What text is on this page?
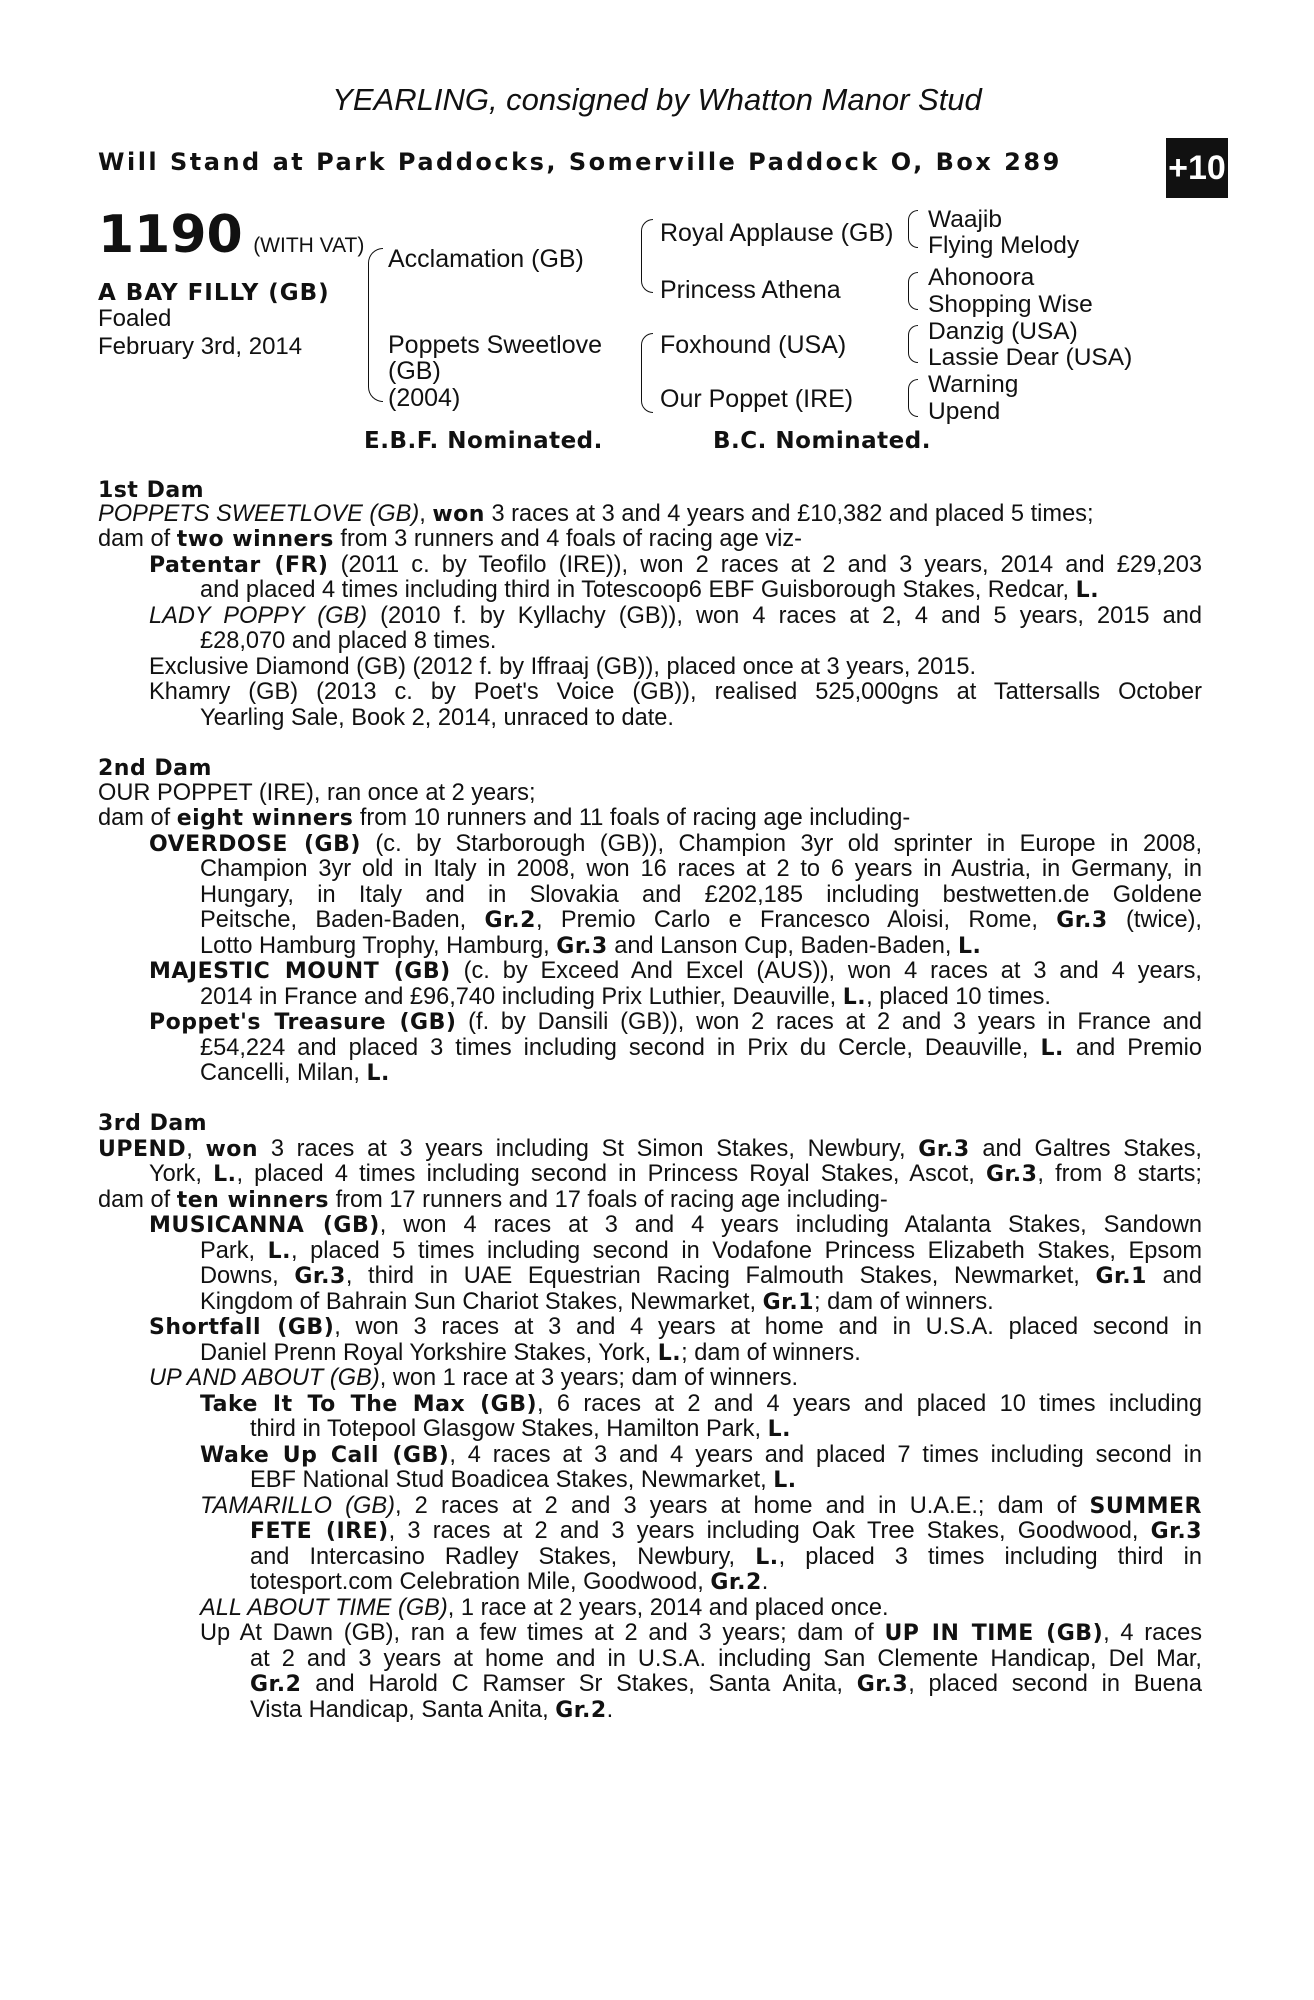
YEARLING, consigned by Whatton Manor Stud
Will Stand at Park Paddocks, Somerville Paddock O, Box 289	+10
1190 (WITH VAT)
A BAY FILLY (GB)
Foaled
February 3rd, 2014
Acclamation (GB)
Poppets Sweetlove
(GB)
(2004)
Royal Applause (GB)
Princess Athena
Foxhound (USA)
Our Poppet (IRE)
Waajib
Flying Melody
Ahonoora
Shopping Wise
Danzig (USA)
Lassie Dear (USA)
Warning
Upend
E.B.F. Nominated.	B.C. Nominated.
1st Dam
POPPETS SWEETLOVE (GB), won 3 races at 3 and 4 years and £10,382 and placed 5 times;
dam of two winners from 3 runners and 4 foals of racing age viz-
Patentar (FR) (2011 c. by Teofilo (IRE)), won 2 races at 2 and 3 years, 2014 and £29,203
and placed 4 times including third in Totescoop6 EBF Guisborough Stakes, Redcar, L.
LADY POPPY (GB) (2010 f. by Kyllachy (GB)), won 4 races at 2, 4 and 5 years, 2015 and
£28,070 and placed 8 times.
Exclusive Diamond (GB) (2012 f. by Iffraaj (GB)), placed once at 3 years, 2015.
Khamry (GB) (2013 c. by Poet's Voice (GB)), realised 525,000gns at Tattersalls October
Yearling Sale, Book 2, 2014, unraced to date.
2nd Dam
OUR POPPET (IRE), ran once at 2 years;
dam of eight winners from 10 runners and 11 foals of racing age including-
OVERDOSE (GB) (c. by Starborough (GB)), Champion 3yr old sprinter in Europe in 2008,
Champion 3yr old in Italy in 2008, won 16 races at 2 to 6 years in Austria, in Germany, in
Hungary, in Italy and in Slovakia and £202,185 including bestwetten.de Goldene
Peitsche, Baden-Baden, Gr.2, Premio Carlo e Francesco Aloisi, Rome, Gr.3 (twice),
Lotto Hamburg Trophy, Hamburg, Gr.3 and Lanson Cup, Baden-Baden, L.
MAJESTIC MOUNT (GB) (c. by Exceed And Excel (AUS)), won 4 races at 3 and 4 years,
2014 in France and £96,740 including Prix Luthier, Deauville, L., placed 10 times.
Poppet's Treasure (GB) (f. by Dansili (GB)), won 2 races at 2 and 3 years in France and
£54,224 and placed 3 times including second in Prix du Cercle, Deauville, L. and Premio
Cancelli, Milan, L.
3rd Dam
UPEND, won 3 races at 3 years including St Simon Stakes, Newbury, Gr.3 and Galtres Stakes,
York, L., placed 4 times including second in Princess Royal Stakes, Ascot, Gr.3, from 8 starts;
dam of ten winners from 17 runners and 17 foals of racing age including-
MUSICANNA (GB), won 4 races at 3 and 4 years including Atalanta Stakes, Sandown
Park, L., placed 5 times including second in Vodafone Princess Elizabeth Stakes, Epsom
Downs, Gr.3, third in UAE Equestrian Racing Falmouth Stakes, Newmarket, Gr.1 and
Kingdom of Bahrain Sun Chariot Stakes, Newmarket, Gr.1; dam of winners.
Shortfall (GB), won 3 races at 3 and 4 years at home and in U.S.A. placed second in
Daniel Prenn Royal Yorkshire Stakes, York, L.; dam of winners.
UP AND ABOUT (GB), won 1 race at 3 years; dam of winners.
Take It To The Max (GB), 6 races at 2 and 4 years and placed 10 times including
third in Totepool Glasgow Stakes, Hamilton Park, L.
Wake Up Call (GB), 4 races at 3 and 4 years and placed 7 times including second in
EBF National Stud Boadicea Stakes, Newmarket, L.
TAMARILLO (GB), 2 races at 2 and 3 years at home and in U.A.E.; dam of SUMMER
FETE (IRE), 3 races at 2 and 3 years including Oak Tree Stakes, Goodwood, Gr.3
and Intercasino Radley Stakes, Newbury, L., placed 3 times including third in
totesport.com Celebration Mile, Goodwood, Gr.2.
ALL ABOUT TIME (GB), 1 race at 2 years, 2014 and placed once.
Up At Dawn (GB), ran a few times at 2 and 3 years; dam of UP IN TIME (GB), 4 races
at 2 and 3 years at home and in U.S.A. including San Clemente Handicap, Del Mar,
Gr.2 and Harold C Ramser Sr Stakes, Santa Anita, Gr.3, placed second in Buena
Vista Handicap, Santa Anita, Gr.2.
